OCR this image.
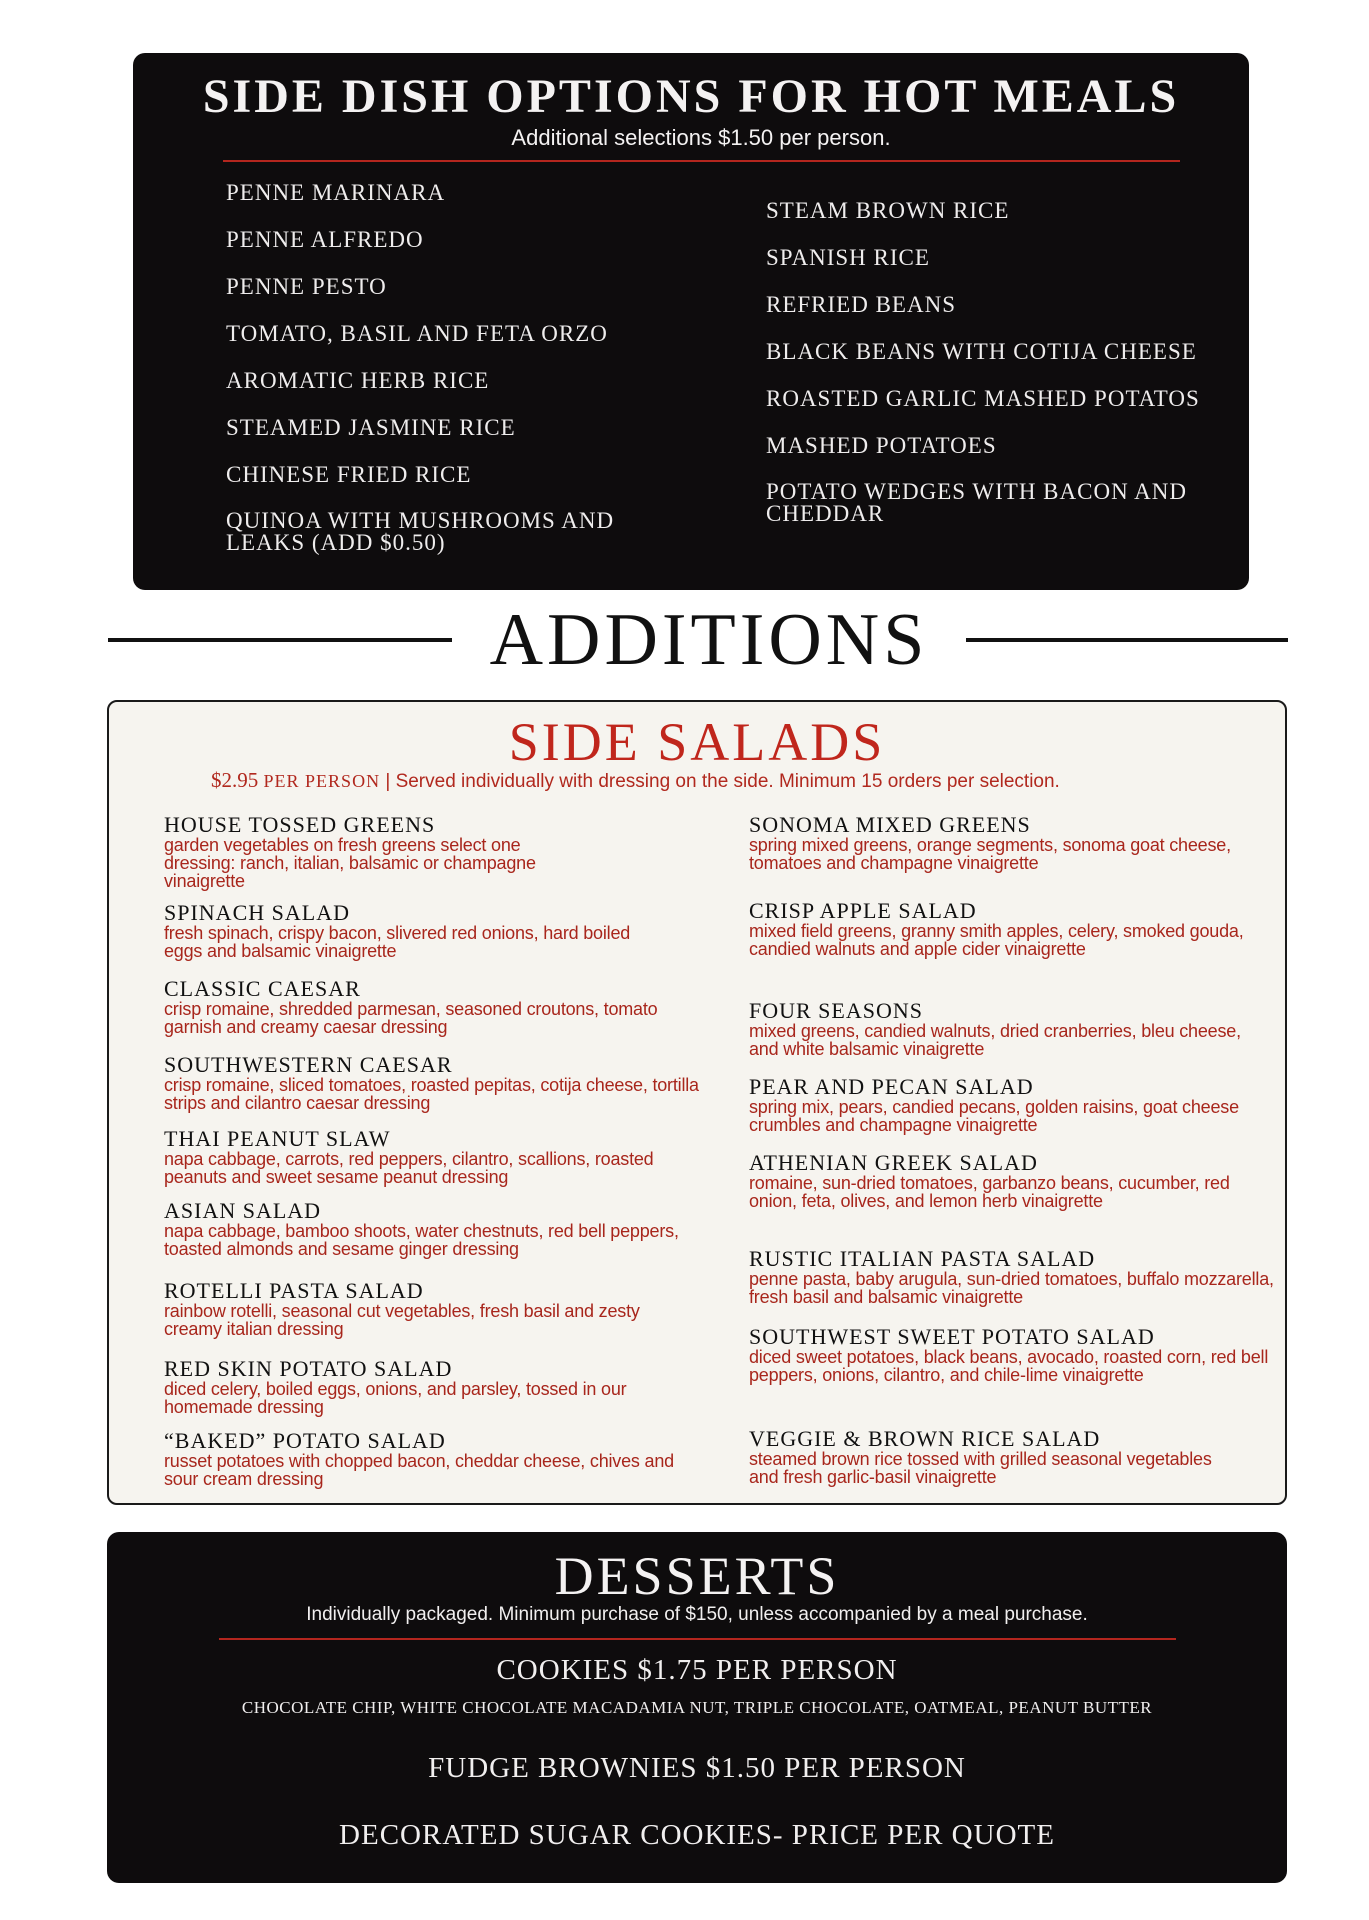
SIDE DISH OPTIONS FOR HOT MEALS
Additional selections $1.50 per person.
PENNE MARINARA
PENNE ALFREDO
PENNE PESTO
TOMATO, BASIL AND FETA ORZO
AROMATIC HERB RICE
STEAMED JASMINE RICE
CHINESE FRIED RICE
QUINOA WITH MUSHROOMS AND LEAKS (ADD $0.50)
STEAM BROWN RICE
SPANISH RICE
REFRIED BEANS
BLACK BEANS WITH COTIJA CHEESE
ROASTED GARLIC MASHED POTATOS
MASHED POTATOES
POTATO WEDGES WITH BACON AND CHEDDAR
ADDITIONS
SIDE SALADS
$2.95 PER PERSON | Served individually with dressing on the side. Minimum 15 orders per selection.
HOUSE TOSSED GREENS
garden vegetables on fresh greens select one dressing: ranch, italian, balsamic or champagne vinaigrette
SPINACH SALAD
fresh spinach, crispy bacon, slivered red onions, hard boiled eggs and balsamic vinaigrette
CLASSIC CAESAR
crisp romaine, shredded parmesan, seasoned croutons, tomato garnish and creamy caesar dressing
SOUTHWESTERN CAESAR
crisp romaine, sliced tomatoes, roasted pepitas, cotija cheese, tortilla strips and cilantro caesar dressing
THAI PEANUT SLAW
napa cabbage, carrots, red peppers, cilantro, scallions, roasted peanuts and sweet sesame peanut dressing
ASIAN SALAD
napa cabbage, bamboo shoots, water chestnuts, red bell peppers, toasted almonds and sesame ginger dressing
ROTELLI PASTA SALAD
rainbow rotelli, seasonal cut vegetables, fresh basil and zesty creamy italian dressing
RED SKIN POTATO SALAD
diced celery, boiled eggs, onions, and parsley, tossed in our homemade dressing
“BAKED” POTATO SALAD
russet potatoes with chopped bacon, cheddar cheese, chives and sour cream dressing
SONOMA MIXED GREENS
spring mixed greens, orange segments, sonoma goat cheese, tomatoes and champagne vinaigrette
CRISP APPLE SALAD
mixed field greens, granny smith apples, celery, smoked gouda, candied walnuts and apple cider vinaigrette
FOUR SEASONS
mixed greens, candied walnuts, dried cranberries, bleu cheese, and white balsamic vinaigrette
PEAR AND PECAN SALAD
spring mix, pears, candied pecans, golden raisins, goat cheese crumbles and champagne vinaigrette
ATHENIAN GREEK SALAD
romaine, sun-dried tomatoes, garbanzo beans, cucumber, red onion, feta, olives, and lemon herb vinaigrette
RUSTIC ITALIAN PASTA SALAD
penne pasta, baby arugula, sun-dried tomatoes, buffalo mozzarella, fresh basil and balsamic vinaigrette
SOUTHWEST SWEET POTATO SALAD
diced sweet potatoes, black beans, avocado, roasted corn, red bell peppers, onions, cilantro, and chile-lime vinaigrette
VEGGIE & BROWN RICE SALAD
steamed brown rice tossed with grilled seasonal vegetables and fresh garlic-basil vinaigrette
DESSERTS
Individually packaged. Minimum purchase of $150, unless accompanied by a meal purchase.
COOKIES $1.75 PER PERSON
CHOCOLATE CHIP, WHITE CHOCOLATE MACADAMIA NUT, TRIPLE CHOCOLATE, OATMEAL, PEANUT BUTTER
FUDGE BROWNIES $1.50 PER PERSON
DECORATED SUGAR COOKIES- PRICE PER QUOTE
